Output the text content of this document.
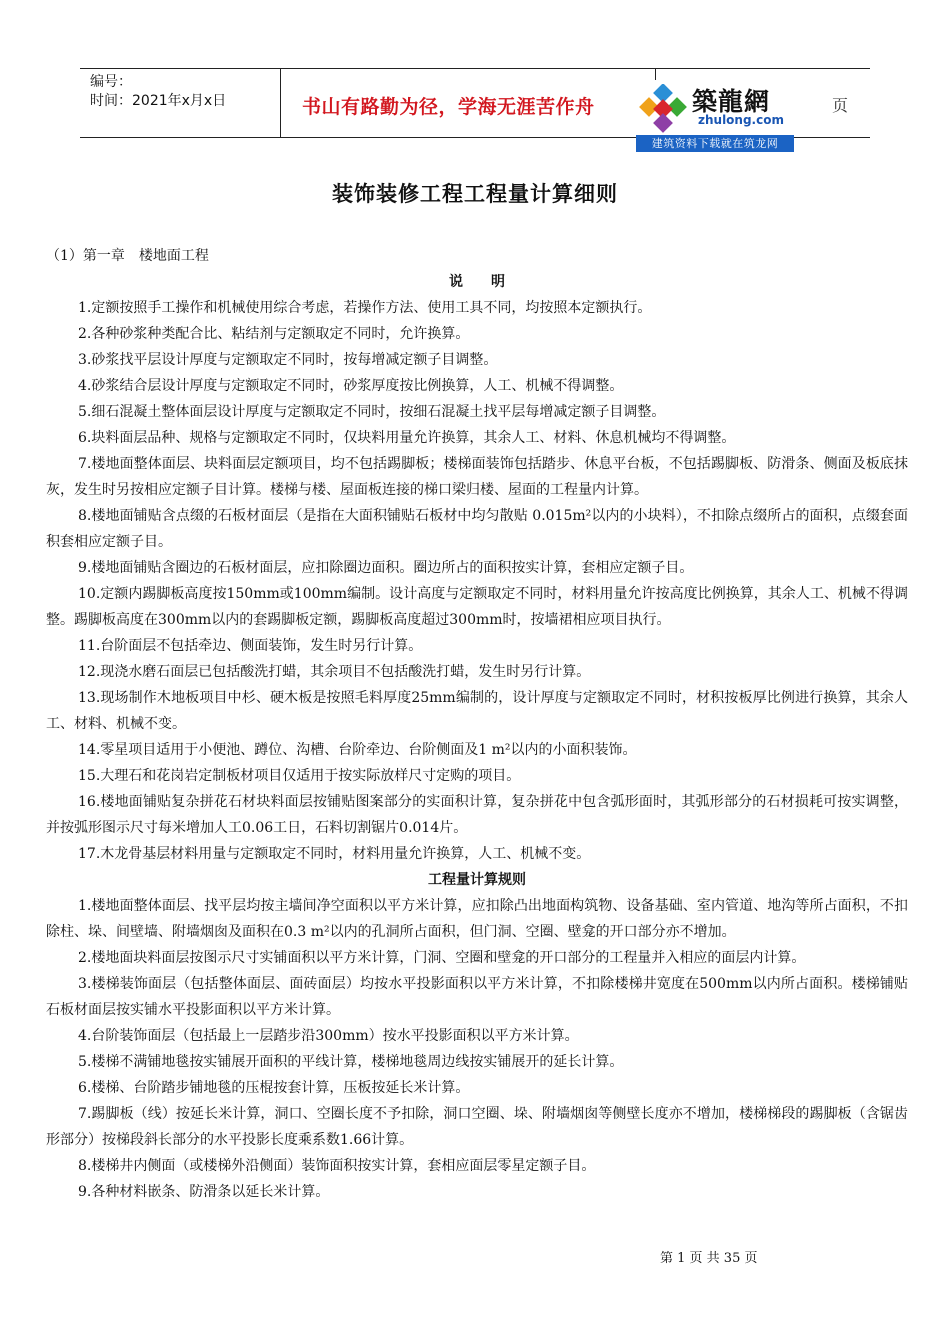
编号：
时间：2021年x月x日	书山有路勤为径，学海无涯苦作舟	页
築龍網
zhulong.com
建筑资料下载就在筑龙网
装饰装修工程工程量计算细则

（1）第一章　楼地面工程

说　　明

1.定额按照手工操作和机械使用综合考虑，若操作方法、使用工具不同，均按照本定额执行。

2.各种砂浆种类配合比、粘结剂与定额取定不同时，允许换算。

3.砂浆找平层设计厚度与定额取定不同时，按每增减定额子目调整。

4.砂浆结合层设计厚度与定额取定不同时，砂浆厚度按比例换算，人工、机械不得调整。

5.细石混凝土整体面层设计厚度与定额取定不同时，按细石混凝土找平层每增减定额子目调整。

6.块料面层品种、规格与定额取定不同时，仅块料用量允许换算，其余人工、材料、休息机械均不得调整。

7.楼地面整体面层、块料面层定额项目，均不包括踢脚板；楼梯面装饰包括踏步、休息平台板，不包括踢脚板、防滑条、侧面及板底抹灰，发生时另按相应定额子目计算。楼梯与楼、屋面板连接的梯口梁归楼、屋面的工程量内计算。

8.楼地面铺贴含点缀的石板材面层（是指在大面积铺贴石板材中均匀散贴 0.015m²以内的小块料），不扣除点缀所占的面积，点缀套面积套相应定额子目。

9.楼地面铺贴含圈边的石板材面层，应扣除圈边面积。圈边所占的面积按实计算，套相应定额子目。

10.定额内踢脚板高度按150mm或100mm编制。设计高度与定额取定不同时，材料用量允许按高度比例换算，其余人工、机械不得调整。踢脚板高度在300mm以内的套踢脚板定额，踢脚板高度超过300mm时，按墙裙相应项目执行。

11.台阶面层不包括牵边、侧面装饰，发生时另行计算。

12.现浇水磨石面层已包括酸洗打蜡，其余项目不包括酸洗打蜡，发生时另行计算。

13.现场制作木地板项目中杉、硬木板是按照毛料厚度25mm编制的，设计厚度与定额取定不同时，材积按板厚比例进行换算，其余人工、材料、机械不变。

14.零星项目适用于小便池、蹲位、沟槽、台阶牵边、台阶侧面及1 m²以内的小面积装饰。

15.大理石和花岗岩定制板材项目仅适用于按实际放样尺寸定购的项目。

16.楼地面铺贴复杂拼花石材块料面层按铺贴图案部分的实面积计算，复杂拼花中包含弧形面时，其弧形部分的石材损耗可按实调整，并按弧形图示尺寸每米增加人工0.06工日，石料切割锯片0.014片。

17.木龙骨基层材料用量与定额取定不同时，材料用量允许换算，人工、机械不变。

工程量计算规则

1.楼地面整体面层、找平层均按主墙间净空面积以平方米计算，应扣除凸出地面构筑物、设备基础、室内管道、地沟等所占面积，不扣除柱、垛、间壁墙、附墙烟囱及面积在0.3 m²以内的孔洞所占面积，但门洞、空圈、壁龛的开口部分亦不增加。

2.楼地面块料面层按图示尺寸实铺面积以平方米计算，门洞、空圈和壁龛的开口部分的工程量并入相应的面层内计算。

3.楼梯装饰面层（包括整体面层、面砖面层）均按水平投影面积以平方米计算，不扣除楼梯井宽度在500mm以内所占面积。楼梯铺贴石板材面层按实铺水平投影面积以平方米计算。

4.台阶装饰面层（包括最上一层踏步沿300mm）按水平投影面积以平方米计算。

5.楼梯不满铺地毯按实铺展开面积的平线计算，楼梯地毯周边线按实铺展开的延长计算。

6.楼梯、台阶踏步铺地毯的压棍按套计算，压板按延长米计算。

7.踢脚板（线）按延长米计算，洞口、空圈长度不予扣除，洞口空圈、垛、附墙烟囱等侧壁长度亦不增加，楼梯梯段的踢脚板（含锯齿形部分）按梯段斜长部分的水平投影长度乘系数1.66计算。

8.楼梯井内侧面（或楼梯外沿侧面）装饰面积按实计算，套相应面层零星定额子目。

9.各种材料嵌条、防滑条以延长米计算。

第 1 页 共 35 页
